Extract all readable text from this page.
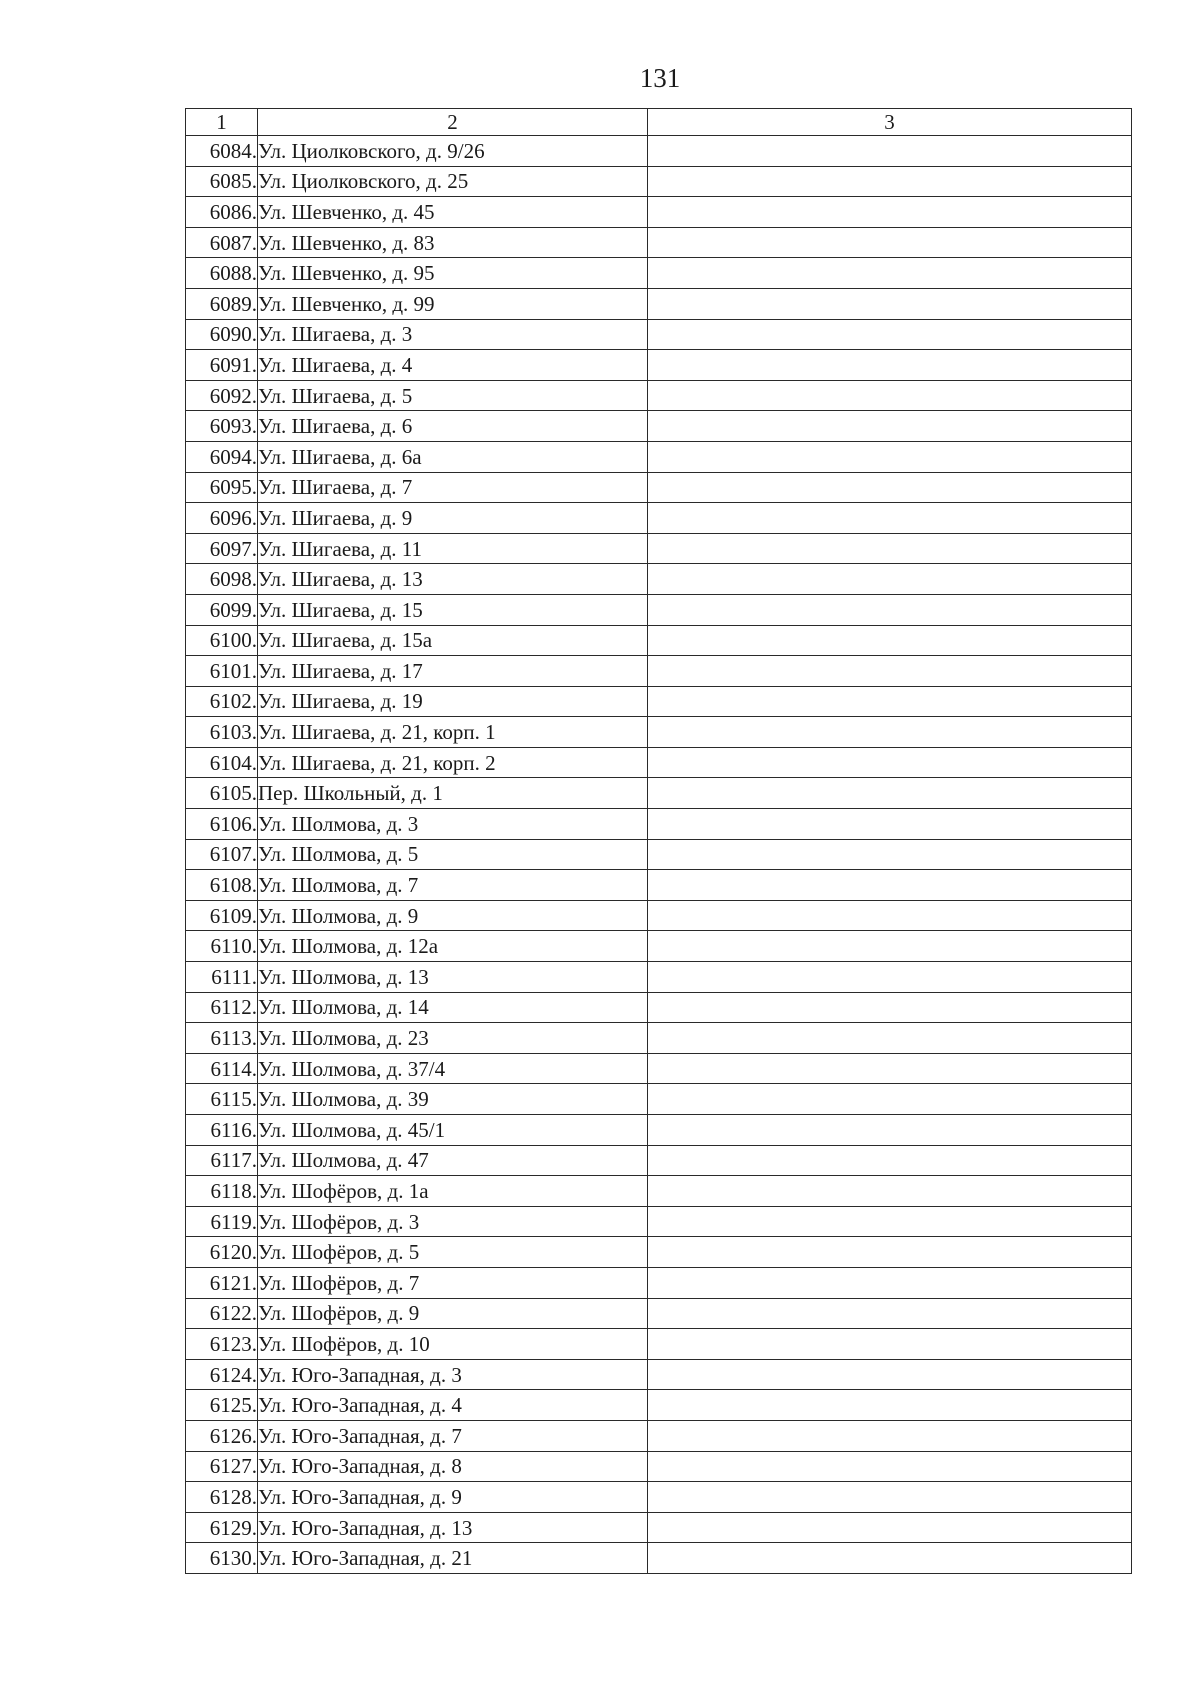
131
1	2	3
6084.	Ул. Циолковского, д. 9/26	
6085.	Ул. Циолковского, д. 25	
6086.	Ул. Шевченко, д. 45	
6087.	Ул. Шевченко, д. 83	
6088.	Ул. Шевченко, д. 95	
6089.	Ул. Шевченко, д. 99	
6090.	Ул. Шигаева, д. 3	
6091.	Ул. Шигаева, д. 4	
6092.	Ул. Шигаева, д. 5	
6093.	Ул. Шигаева, д. 6	
6094.	Ул. Шигаева, д. 6а	
6095.	Ул. Шигаева, д. 7	
6096.	Ул. Шигаева, д. 9	
6097.	Ул. Шигаева, д. 11	
6098.	Ул. Шигаева, д. 13	
6099.	Ул. Шигаева, д. 15	
6100.	Ул. Шигаева, д. 15а	
6101.	Ул. Шигаева, д. 17	
6102.	Ул. Шигаева, д. 19	
6103.	Ул. Шигаева, д. 21, корп. 1	
6104.	Ул. Шигаева, д. 21, корп. 2	
6105.	Пер. Школьный, д. 1	
6106.	Ул. Шолмова, д. 3	
6107.	Ул. Шолмова, д. 5	
6108.	Ул. Шолмова, д. 7	
6109.	Ул. Шолмова, д. 9	
6110.	Ул. Шолмова, д. 12а	
6111.	Ул. Шолмова, д. 13	
6112.	Ул. Шолмова, д. 14	
6113.	Ул. Шолмова, д. 23	
6114.	Ул. Шолмова, д. 37/4	
6115.	Ул. Шолмова, д. 39	
6116.	Ул. Шолмова, д. 45/1	
6117.	Ул. Шолмова, д. 47	
6118.	Ул. Шофёров, д. 1а	
6119.	Ул. Шофёров, д. 3	
6120.	Ул. Шофёров, д. 5	
6121.	Ул. Шофёров, д. 7	
6122.	Ул. Шофёров, д. 9	
6123.	Ул. Шофёров, д. 10	
6124.	Ул. Юго-Западная, д. 3	
6125.	Ул. Юго-Западная, д. 4	
6126.	Ул. Юго-Западная, д. 7	
6127.	Ул. Юго-Западная, д. 8	
6128.	Ул. Юго-Западная, д. 9	
6129.	Ул. Юго-Западная, д. 13	
6130.	Ул. Юго-Западная, д. 21	
